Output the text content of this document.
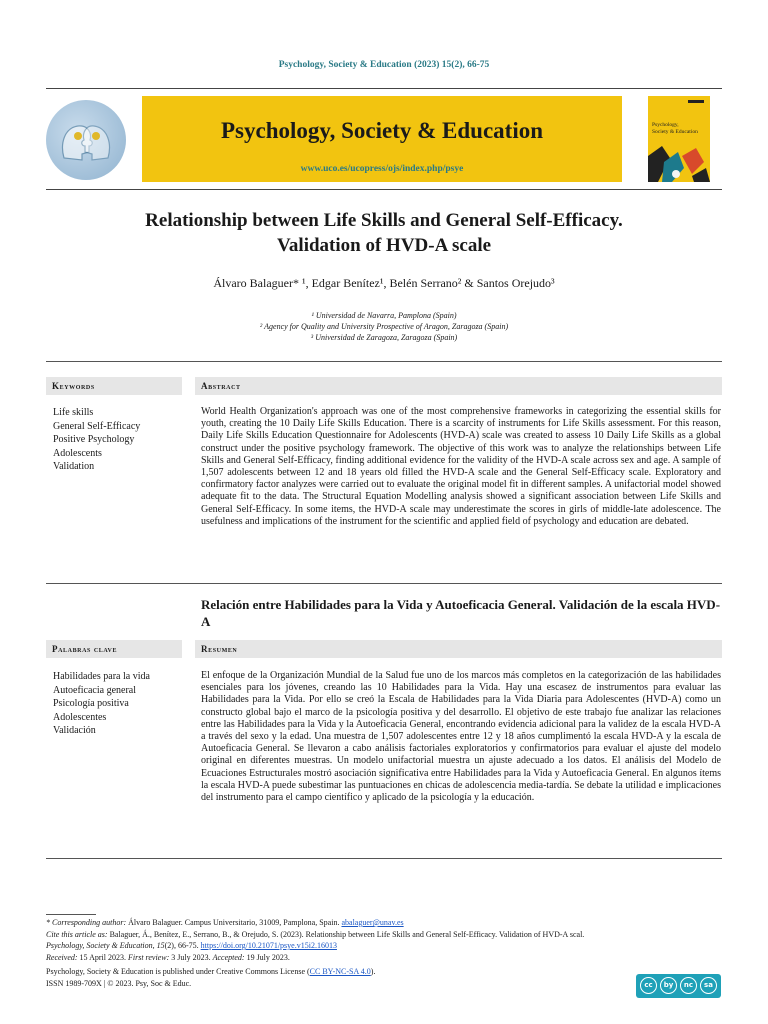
Psychology, Society & Education (2023) 15(2), 66-75
Psychology, Society & Education
www.uco.es/ucopress/ojs/index.php/psye
Psychology,
Society & Education
Relationship between Life Skills and General Self-Efficacy.
Validation of HVD-A scale
Álvaro Balaguer* ¹, Edgar Benítez¹, Belén Serrano² & Santos Orejudo³
¹ Universidad de Navarra, Pamplona (Spain)
² Agency for Quality and University Prospective of Aragon, Zaragoza (Spain)
³ Universidad de Zaragoza, Zaragoza (Spain)
Keywords	Abstract
Life skills
General Self-Efficacy
Positive Psychology
Adolescents
Validation
World Health Organization's approach was one of the most comprehensive frameworks in categorizing the essential skills for youth, creating the 10 Daily Life Skills Education. There is a scarcity of instruments for Life Skills assessment. For this reason, Daily Life Skills Education Questionnaire for Adolescents (HVD-A) scale was created to assess 10 Daily Life Skills as a global construct under the positive psychology framework. The objective of this work was to analyze the relationships between Life Skills and General Self-Efficacy, finding additional evidence for the validity of the HVD-A scale across sex and age. A sample of 1,507 adolescents between 12 and 18 years old filled the HVD-A scale and the General Self-Efficacy scale. Exploratory and confirmatory factor analyzes were carried out to evaluate the original model fit in different samples. A unifactorial model showed adequate fit to the data. The Structural Equation Modelling analysis showed a significant association between Life Skills and General Self-Efficacy. In some items, the HVD-A scale may underestimate the scores in girls of middle-late adolescence. The usefulness and implications of the instrument for the scientific and applied field of psychology and education are debated.
Relación entre Habilidades para la Vida y Autoeficacia General. Validación de la escala HVD-A
Palabras clave	Resumen
Habilidades para la vida
Autoeficacia general
Psicología positiva
Adolescentes
Validación
El enfoque de la Organización Mundial de la Salud fue uno de los marcos más completos en la categorización de las habilidades esenciales para los jóvenes, creando las 10 Habilidades para la Vida. Hay una escasez de instrumentos para evaluar las Habilidades para la Vida. Por ello se creó la Escala de Habilidades para la Vida Diaria para Adolescentes (HVD-A) como un constructo global bajo el marco de la psicología positiva y del desarrollo. El objetivo de este trabajo fue analizar las relaciones entre las Habilidades para la Vida y la Autoeficacia General, encontrando evidencia adicional para la validez de la escala HVD-A a través del sexo y la edad. Una muestra de 1,507 adolescentes entre 12 y 18 años cumplimentó la escala HVD-A y la escala de Autoeficacia General. Se llevaron a cabo análisis factoriales exploratorios y confirmatorios para evaluar el ajuste del modelo original en diferentes muestras. Un modelo unifactorial muestra un ajuste adecuado a los datos. El análisis del Modelo de Ecuaciones Estructurales mostró asociación significativa entre Habilidades para la Vida y Autoeficacia General. En algunos ítems la escala HVD-A puede subestimar las puntuaciones en chicas de adolescencia media-tardía. Se debate la utilidad e implicaciones del instrumento para el campo científico y aplicado de la psicología y la educación.
* Corresponding author: Álvaro Balaguer. Campus Universitario, 31009, Pamplona, Spain. abalaguer@unav.es
Cite this article as: Balaguer, Á., Benítez, E., Serrano, B., & Orejudo, S. (2023). Relationship between Life Skills and General Self-Efficacy. Validation of HVD-A scal.
Psychology, Society & Education, 15(2), 66-75. https://doi.org/10.21071/psye.v15i2.16013
Received: 15 April 2023. First review: 3 July 2023. Accepted: 19 July 2023.
Psychology, Society & Education is published under Creative Commons License (CC BY-NC-SA 4.0).
ISSN 1989-709X | © 2023. Psy, Soc & Educ.	cc	by	nc	sa
